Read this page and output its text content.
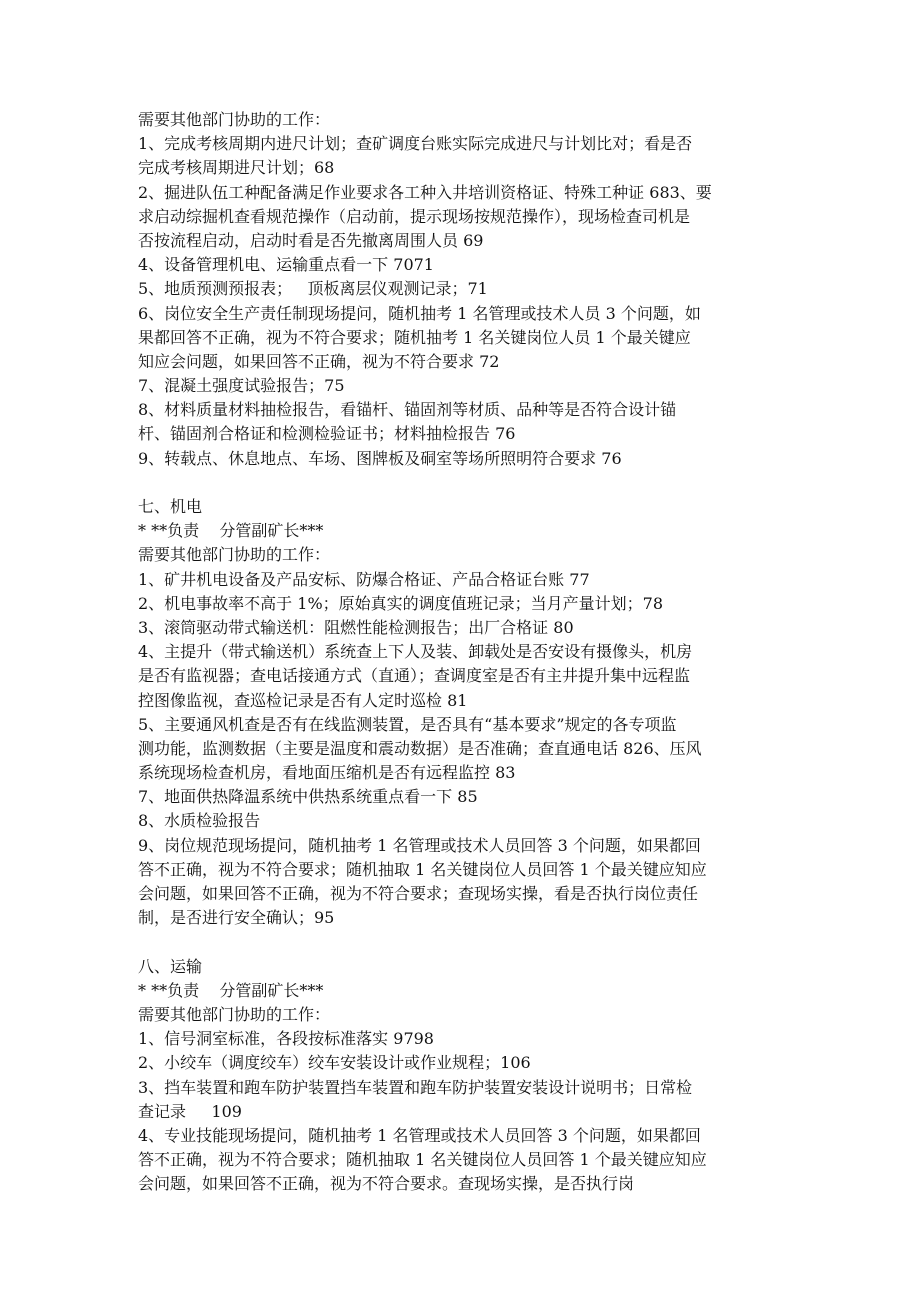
需要其他部门协助的工作：
1、完成考核周期内进尺计划；查矿调度台账实际完成进尺与计划比对；看是否
完成考核周期进尺计划；68
2、掘进队伍工种配备满足作业要求各工种入井培训资格证、特殊工种证 683、要
求启动综掘机查看规范操作（启动前，提示现场按规范操作），现场检查司机是
否按流程启动，启动时看是否先撤离周围人员 69
4、设备管理机电、运输重点看一下 7071
5、地质预测预报表；   顶板离层仪观测记录；71
6、岗位安全生产责任制现场提问，随机抽考 1 名管理或技术人员 3 个问题，如
果都回答不正确，视为不符合要求；随机抽考 1 名关键岗位人员 1 个最关键应
知应会问题，如果回答不正确，视为不符合要求 72
7、混凝土强度试验报告；75
8、材料质量材料抽检报告，看锚杆、锚固剂等材质、品种等是否符合设计锚
杆、锚固剂合格证和检测检验证书；材料抽检报告 76
9、转载点、休息地点、车场、图牌板及硐室等场所照明符合要求 76
七、机电
* **负责    分管副矿长***
需要其他部门协助的工作：
1、矿井机电设备及产品安标、防爆合格证、产品合格证台账 77
2、机电事故率不高于 1%；原始真实的调度值班记录；当月产量计划；78
3、滚筒驱动带式输送机：阻燃性能检测报告；出厂合格证 80
4、主提升（带式输送机）系统查上下人及装、卸载处是否安设有摄像头，机房
是否有监视器；查电话接通方式（直通）；查调度室是否有主井提升集中远程监
控图像监视，查巡检记录是否有人定时巡检 81
5、主要通风机查是否有在线监测装置，是否具有“基本要求”规定的各专项监
测功能，监测数据（主要是温度和震动数据）是否准确；查直通电话 826、压风
系统现场检查机房，看地面压缩机是否有远程监控 83
7、地面供热降温系统中供热系统重点看一下 85
8、水质检验报告
9、岗位规范现场提问，随机抽考 1 名管理或技术人员回答 3 个问题，如果都回
答不正确，视为不符合要求；随机抽取 1 名关键岗位人员回答 1 个最关键应知应
会问题，如果回答不正确，视为不符合要求；查现场实操，看是否执行岗位责任
制，是否进行安全确认；95
八、运输
* **负责    分管副矿长***
需要其他部门协助的工作：
1、信号洞室标准，各段按标准落实 9798
2、小绞车（调度绞车）绞车安装设计或作业规程；106
3、挡车装置和跑车防护装置挡车装置和跑车防护装置安装设计说明书；日常检
查记录     109
4、专业技能现场提问，随机抽考 1 名管理或技术人员回答 3 个问题，如果都回
答不正确，视为不符合要求；随机抽取 1 名关键岗位人员回答 1 个最关键应知应
会问题，如果回答不正确，视为不符合要求。查现场实操，是否执行岗
